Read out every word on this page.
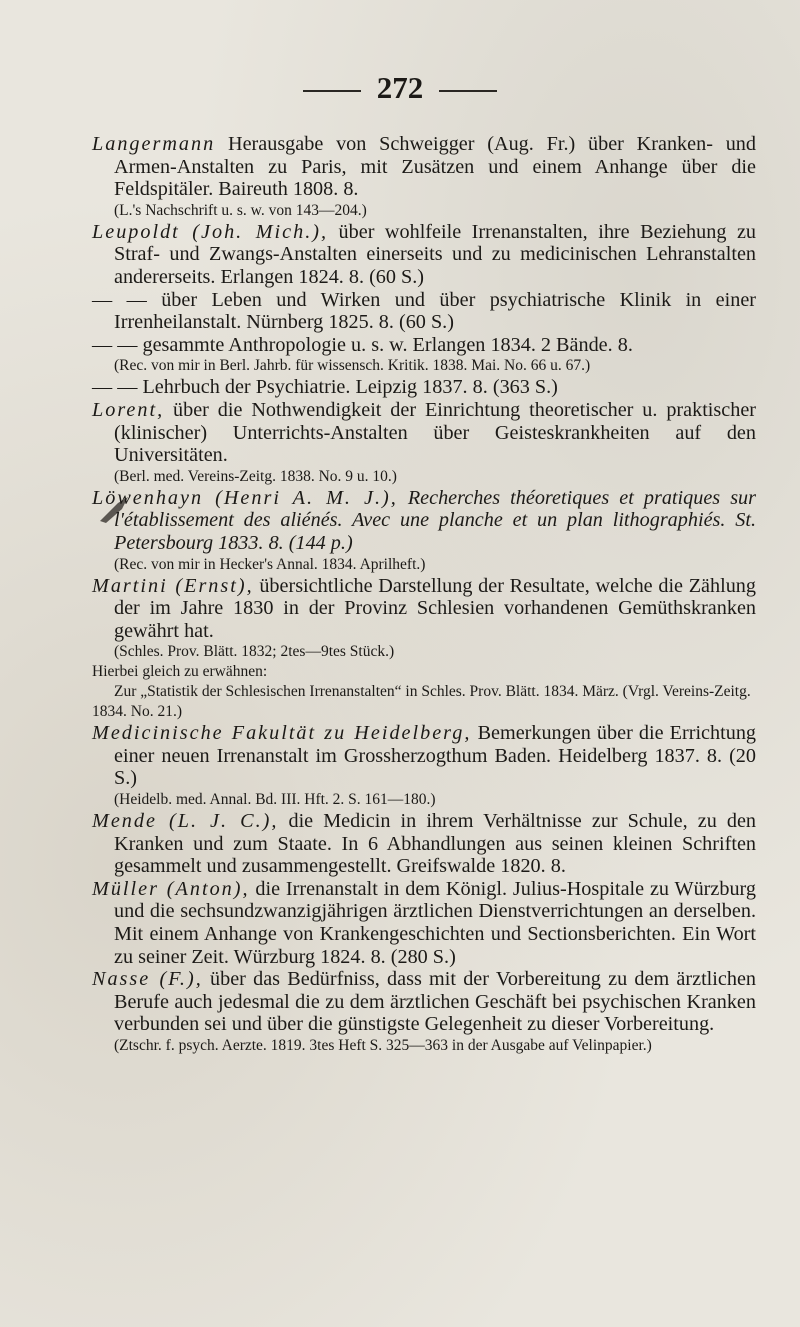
272

Langermann Herausgabe von Schweigger (Aug. Fr.) über Kranken- und Armen-Anstalten zu Paris, mit Zusätzen und einem Anhange über die Feldspitäler. Baireuth 1808. 8.

(L.'s Nachschrift u. s. w. von 143—204.)

Leupoldt (Joh. Mich.), über wohlfeile Irrenanstalten, ihre Beziehung zu Straf- und Zwangs-Anstalten einerseits und zu medicinischen Lehranstalten andererseits. Erlangen 1824. 8. (60 S.)

— — über Leben und Wirken und über psychiatrische Klinik in einer Irrenheilanstalt. Nürnberg 1825. 8. (60 S.)

— — gesammte Anthropologie u. s. w. Erlangen 1834. 2 Bände. 8.

(Rec. von mir in Berl. Jahrb. für wissensch. Kritik. 1838. Mai. No. 66 u. 67.)

— — Lehrbuch der Psychiatrie. Leipzig 1837. 8. (363 S.)

Lorent, über die Nothwendigkeit der Einrichtung theoretischer u. praktischer (klinischer) Unterrichts-Anstalten über Geisteskrankheiten auf den Universitäten.

(Berl. med. Vereins-Zeitg. 1838. No. 9 u. 10.)

Löwenhayn (Henri A. M. J.), Recherches théoretiques et pratiques sur l'établissement des aliénés. Avec une planche et un plan lithographiés. St. Petersbourg 1833. 8. (144 p.)

(Rec. von mir in Hecker's Annal. 1834. Aprilheft.)

Martini (Ernst), übersichtliche Darstellung der Resultate, welche die Zählung der im Jahre 1830 in der Provinz Schlesien vorhandenen Gemüthskranken gewährt hat.

(Schles. Prov. Blätt. 1832; 2tes—9tes Stück.)

Hierbei gleich zu erwähnen:

Zur „Statistik der Schlesischen Irrenanstalten“ in Schles. Prov. Blätt. 1834. März. (Vrgl. Vereins-Zeitg. 1834. No. 21.)

Medicinische Fakultät zu Heidelberg, Bemerkungen über die Errichtung einer neuen Irrenanstalt im Grossherzogthum Baden. Heidelberg 1837. 8. (20 S.)

(Heidelb. med. Annal. Bd. III. Hft. 2. S. 161—180.)

Mende (L. J. C.), die Medicin in ihrem Verhältnisse zur Schule, zu den Kranken und zum Staate. In 6 Abhandlungen aus seinen kleinen Schriften gesammelt und zusammengestellt. Greifswalde 1820. 8.

Müller (Anton), die Irrenanstalt in dem Königl. Julius-Hospitale zu Würzburg und die sechsundzwanzigjährigen ärztlichen Dienstverrichtungen an derselben. Mit einem Anhange von Krankengeschichten und Sectionsberichten. Ein Wort zu seiner Zeit. Würzburg 1824. 8. (280 S.)

Nasse (F.), über das Bedürfniss, dass mit der Vorbereitung zu dem ärztlichen Berufe auch jedesmal die zu dem ärztlichen Geschäft bei psychischen Kranken verbunden sei und über die günstigste Gelegenheit zu dieser Vorbereitung.

(Ztschr. f. psych. Aerzte. 1819. 3tes Heft S. 325—363 in der Ausgabe auf Velinpapier.)
